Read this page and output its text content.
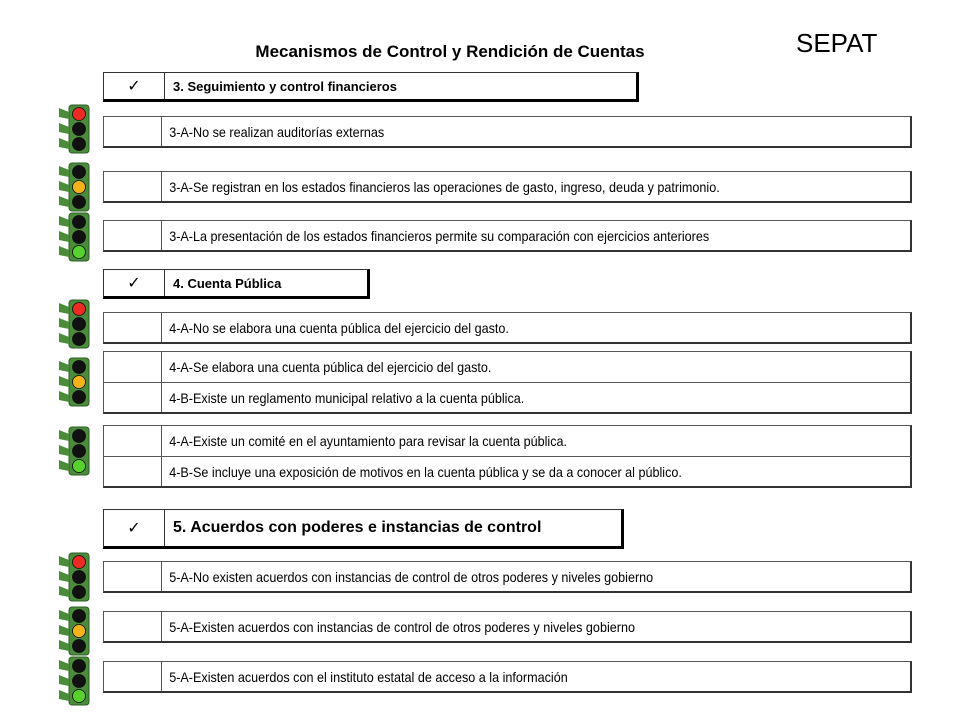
Mecanismos de Control y Rendición de Cuentas	SEPAT
✓	3. Seguimiento y control financieros
3-A-No se realizan auditorías externas
3-A-Se registran en los estados financieros las operaciones de gasto, ingreso, deuda y patrimonio.
3-A-La presentación de los estados financieros permite su comparación con ejercicios anteriores
✓	4. Cuenta Pública
4-A-No se elabora una cuenta pública del ejercicio del gasto.
4-A-Se elabora una cuenta pública del ejercicio del gasto.
4-B-Existe un reglamento municipal relativo a la cuenta pública.
4-A-Existe un comité en el ayuntamiento para revisar la cuenta pública.
4-B-Se incluye una exposición de motivos en la cuenta pública y se da a conocer al público.
✓	5. Acuerdos con poderes e instancias de control
5-A-No existen acuerdos con instancias de control de otros poderes y niveles gobierno
5-A-Existen acuerdos con instancias de control de otros poderes y niveles gobierno
5-A-Existen acuerdos con el instituto estatal de acceso a la información
